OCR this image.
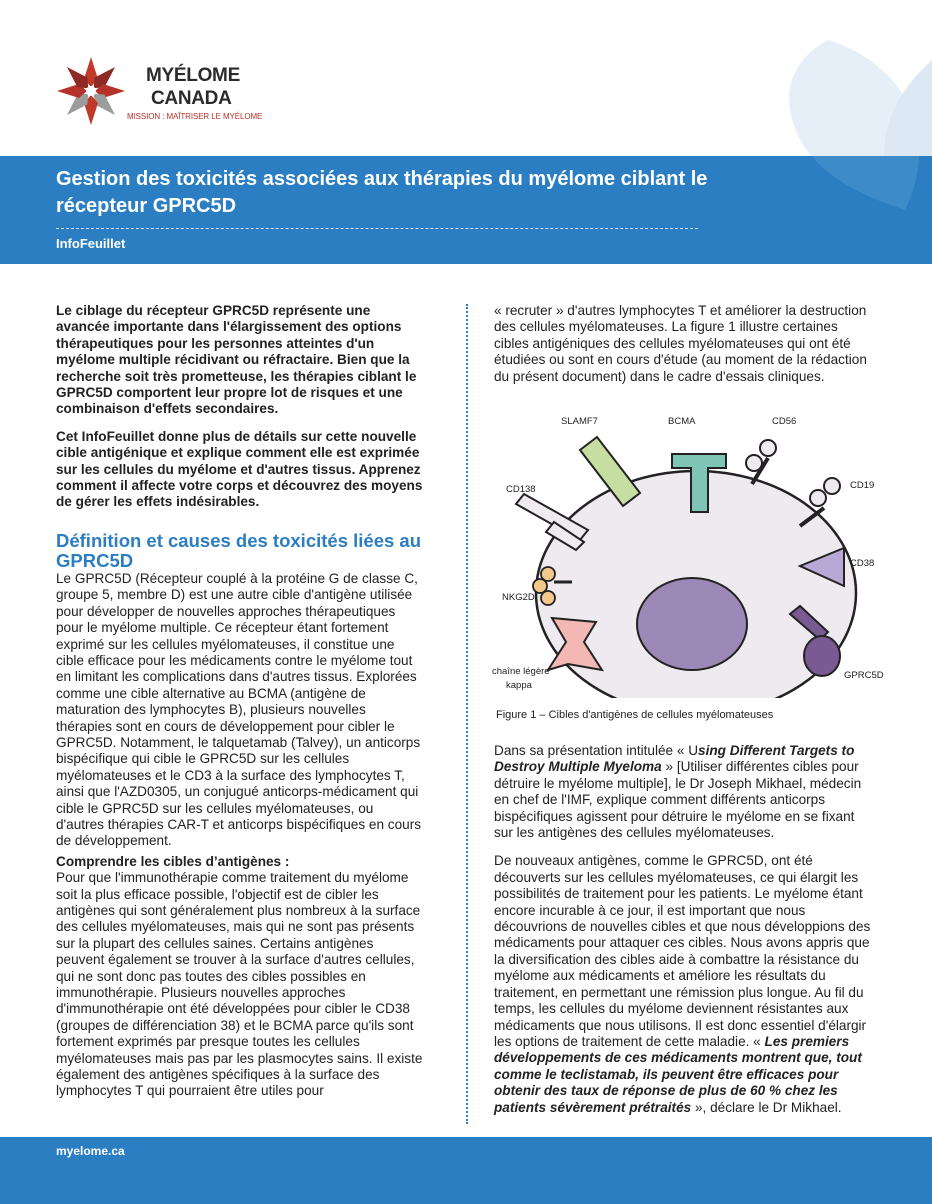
MYÉLOME
CANADA
MISSION : MAÎTRISER LE MYÉLOME
Gestion des toxicités associées aux thérapies du myélome ciblant le récepteur GPRC5D
InfoFeuillet

Le ciblage du récepteur GPRC5D représente une avancée importante dans l'élargissement des options thérapeutiques pour les personnes atteintes d'un myélome multiple récidivant ou réfractaire. Bien que la recherche soit très prometteuse, les thérapies ciblant le GPRC5D comportent leur propre lot de risques et une combinaison d'effets secondaires.

Cet InfoFeuillet donne plus de détails sur cette nouvelle cible antigénique et explique comment elle est exprimée sur les cellules du myélome et d'autres tissus. Apprenez comment il affecte votre corps et découvrez des moyens de gérer les effets indésirables.

Définition et causes des toxicités liées au GPRC5D

Le GPRC5D (Récepteur couplé à la protéine G de classe C, groupe 5, membre D) est une autre cible d'antigène utilisée pour développer de nouvelles approches thérapeutiques pour le myélome multiple. Ce récepteur étant fortement exprimé sur les cellules myélomateuses, il constitue une cible efficace pour les médicaments contre le myélome tout en limitant les complications dans d'autres tissus. Explorées comme une cible alternative au BCMA (antigène de maturation des lymphocytes B), plusieurs nouvelles thérapies sont en cours de développement pour cibler le GPRC5D. Notamment, le talquetamab (Talvey), un anticorps bispécifique qui cible le GPRC5D sur les cellules myélomateuses et le CD3 à la surface des lymphocytes T, ainsi que l'AZD0305, un conjugué anticorps-médicament qui cible le GPRC5D sur les cellules myélomateuses, ou d'autres thérapies CAR-T et anticorps bispécifiques en cours de développement.

Comprendre les cibles d’antigènes :

Pour que l'immunothérapie comme traitement du myélome soit la plus efficace possible, l'objectif est de cibler les antigènes qui sont généralement plus nombreux à la surface des cellules myélomateuses, mais qui ne sont pas présents sur la plupart des cellules saines. Certains antigènes peuvent également se trouver à la surface d'autres cellules, qui ne sont donc pas toutes des cibles possibles en immunothérapie. Plusieurs nouvelles approches d'immunothérapie ont été développées pour cibler le CD38 (groupes de différenciation 38) et le BCMA parce qu'ils sont fortement exprimés par presque toutes les cellules myélomateuses mais pas par les plasmocytes sains. Il existe également des antigènes spécifiques à la surface des lymphocytes T qui pourraient être utiles pour

« recruter » d'autres lymphocytes T et améliorer la destruction des cellules myélomateuses. La figure 1 illustre certaines cibles antigéniques des cellules myélomateuses qui ont été étudiées ou sont en cours d'étude (au moment de la rédaction du présent document) dans le cadre d'essais cliniques.

SLAMF7	BCMA	CD56
CD138	CD19
CD38
NKG2D
chaîne légère
kappa
GPRC5D
Figure 1 – Cibles d'antigènes de cellules myélomateuses

Dans sa présentation intitulée « Using Different Targets to Destroy Multiple Myeloma » [Utiliser différentes cibles pour détruire le myélome multiple], le Dr Joseph Mikhael, médecin en chef de l'IMF, explique comment différents anticorps bispécifiques agissent pour détruire le myélome en se fixant sur les antigènes des cellules myélomateuses.

De nouveaux antigènes, comme le GPRC5D, ont été découverts sur les cellules myélomateuses, ce qui élargit les possibilités de traitement pour les patients. Le myélome étant encore incurable à ce jour, il est important que nous découvrions de nouvelles cibles et que nous développions des médicaments pour attaquer ces cibles. Nous avons appris que la diversification des cibles aide à combattre la résistance du myélome aux médicaments et améliore les résultats du traitement, en permettant une rémission plus longue. Au fil du temps, les cellules du myélome deviennent résistantes aux médicaments que nous utilisons. Il est donc essentiel d'élargir les options de traitement de cette maladie. « Les premiers développements de ces médicaments montrent que, tout comme le teclistamab, ils peuvent être efficaces pour obtenir des taux de réponse de plus de 60 % chez les patients sévèrement prétraités », déclare le Dr Mikhael.

myelome.ca
